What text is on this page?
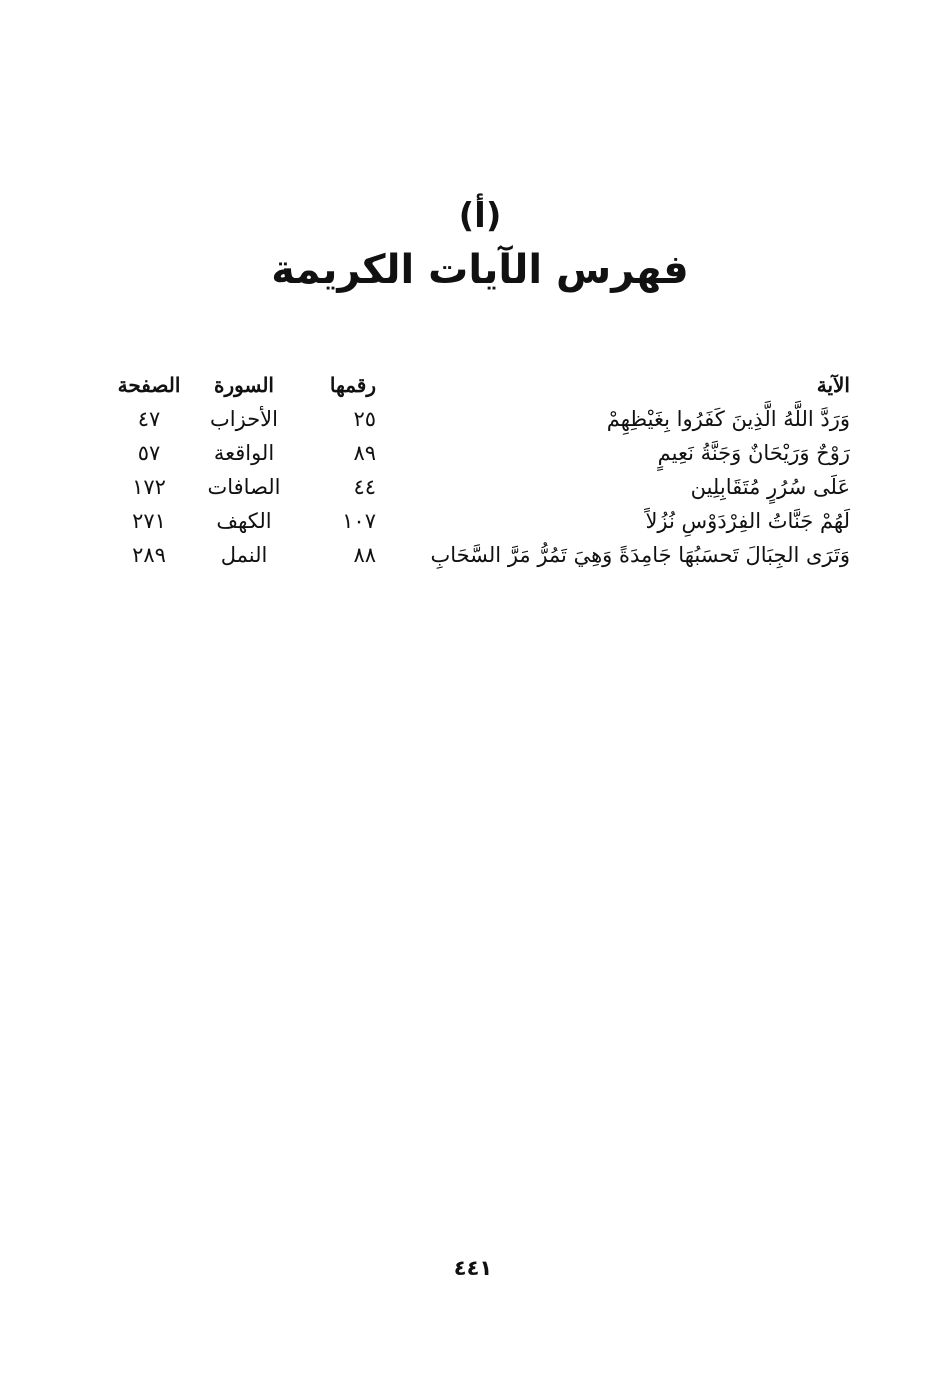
(أ)
فهرس الآيات الكريمة
الآية
رقمها
السورة
الصفحة
وَرَدَّ اللَّهُ الَّذِينَ كَفَرُوا بِغَيْظِهِمْ
٢٥
الأحزاب
٤٧
رَوْحٌ وَرَيْحَانٌ وَجَنَّةُ نَعِيمٍ
٨٩
الواقعة
٥٧
عَلَى سُرُرٍ مُتَقَابِلِين
٤٤
الصافات
١٧٢
لَهُمْ جَنَّاتُ الفِرْدَوْسِ نُزُلاً
١٠٧
الكهف
٢٧١
وَتَرَى الجِبَالَ تَحسَبُهَا جَامِدَةً وَهِيَ تَمُرُّ مَرَّ السَّحَابِ
٨٨
النمل
٢٨٩
٤٤١
